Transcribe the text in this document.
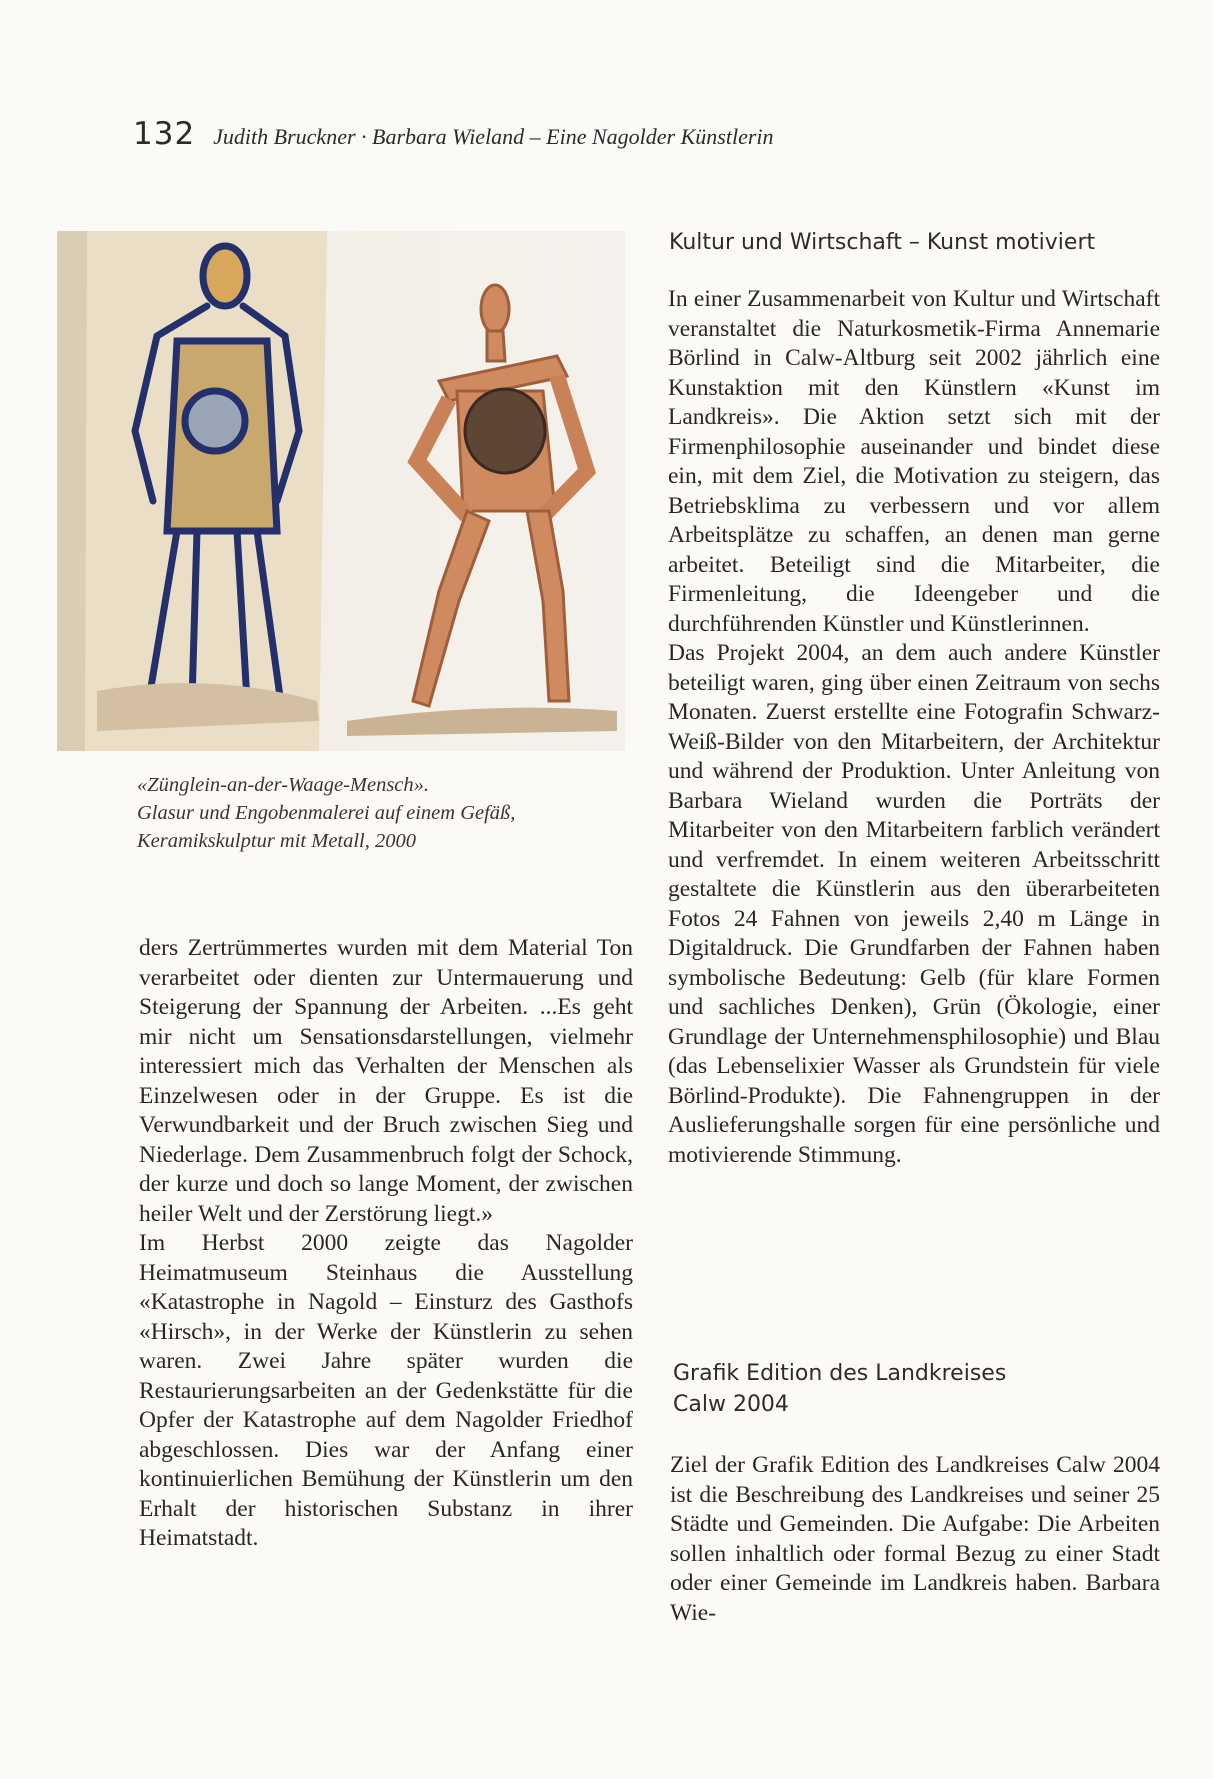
132 Judith Bruckner · Barbara Wieland – Eine Nagolder Künstlerin
«Zünglein-an-der-Waage-Mensch».
Glasur und Engobenmalerei auf einem Gefäß,
Keramikskulptur mit Metall, 2000

ders Zertrümmertes wurden mit dem Material Ton verarbeitet oder dienten zur Untermauerung und Steigerung der Spannung der Arbeiten. ...Es geht mir nicht um Sensationsdarstellungen, vielmehr interessiert mich das Verhalten der Menschen als Einzelwesen oder in der Gruppe. Es ist die Verwundbarkeit und der Bruch zwischen Sieg und Niederlage. Dem Zusammenbruch folgt der Schock, der kurze und doch so lange Moment, der zwischen heiler Welt und der Zerstörung liegt.»

Im Herbst 2000 zeigte das Nagolder Heimatmuseum Steinhaus die Ausstellung «Katastrophe in Nagold – Einsturz des Gasthofs «Hirsch», in der Werke der Künstlerin zu sehen waren. Zwei Jahre später wurden die Restaurierungsarbeiten an der Gedenkstätte für die Opfer der Katastrophe auf dem Nagolder Friedhof abgeschlossen. Dies war der Anfang einer kontinuierlichen Bemühung der Künstlerin um den Erhalt der historischen Substanz in ihrer Heimatstadt.

Kultur und Wirtschaft – Kunst motiviert

In einer Zusammenarbeit von Kultur und Wirtschaft veranstaltet die Naturkosmetik-Firma Annemarie Börlind in Calw-Altburg seit 2002 jährlich eine Kunstaktion mit den Künstlern «Kunst im Landkreis». Die Aktion setzt sich mit der Firmenphilosophie auseinander und bindet diese ein, mit dem Ziel, die Motivation zu steigern, das Betriebsklima zu verbessern und vor allem Arbeitsplätze zu schaffen, an denen man gerne arbeitet. Beteiligt sind die Mitarbeiter, die Firmenleitung, die Ideengeber und die durchführenden Künstler und Künstlerinnen.

Das Projekt 2004, an dem auch andere Künstler beteiligt waren, ging über einen Zeitraum von sechs Monaten. Zuerst erstellte eine Fotografin Schwarz-Weiß-Bilder von den Mitarbeitern, der Architektur und während der Produktion. Unter Anleitung von Barbara Wieland wurden die Porträts der Mitarbeiter von den Mitarbeitern farblich verändert und verfremdet. In einem weiteren Arbeitsschritt gestaltete die Künstlerin aus den überarbeiteten Fotos 24 Fahnen von jeweils 2,40 m Länge in Digitaldruck. Die Grundfarben der Fahnen haben symbolische Bedeutung: Gelb (für klare Formen und sachliches Denken), Grün (Ökologie, einer Grundlage der Unternehmensphilosophie) und Blau (das Lebenselixier Wasser als Grundstein für viele Börlind-Produkte). Die Fahnengruppen in der Auslieferungshalle sorgen für eine persönliche und motivierende Stimmung.

Grafik Edition des Landkreises
Calw 2004

Ziel der Grafik Edition des Landkreises Calw 2004 ist die Beschreibung des Landkreises und seiner 25 Städte und Gemeinden. Die Aufgabe: Die Arbeiten sollen inhaltlich oder formal Bezug zu einer Stadt oder einer Gemeinde im Landkreis haben. Barbara Wie-
